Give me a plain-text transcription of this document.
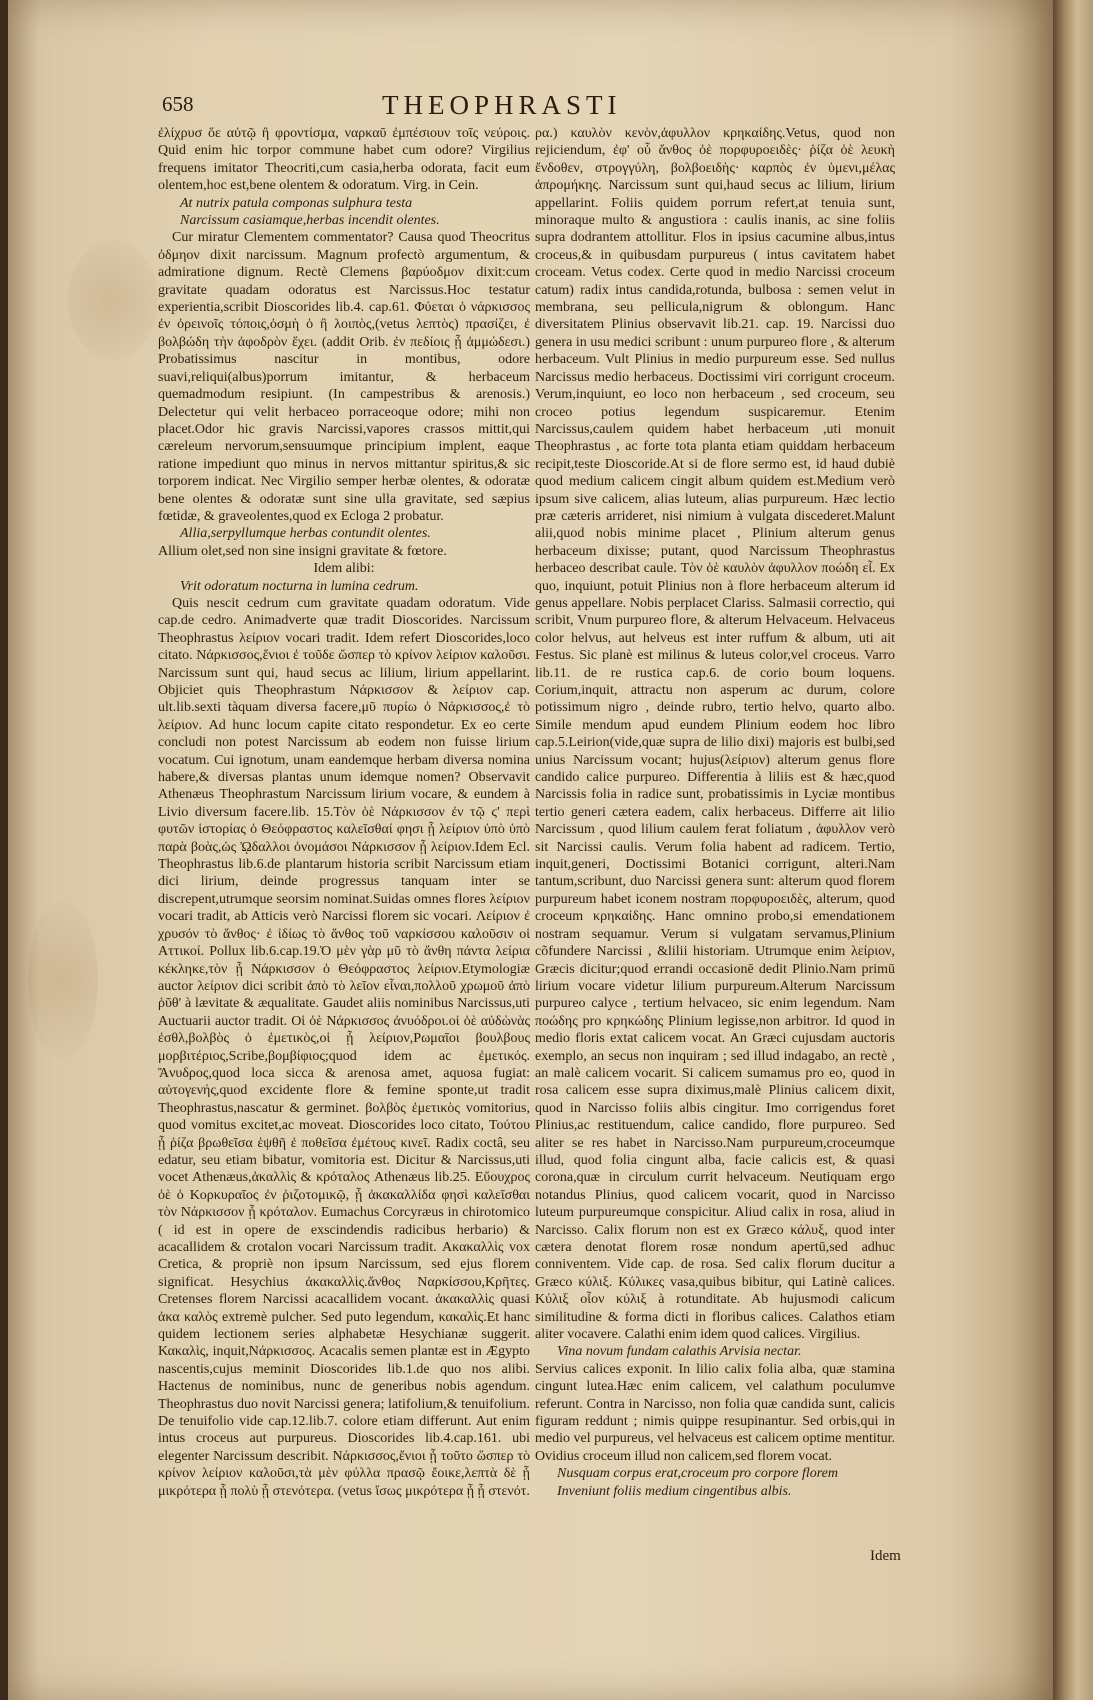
658	THEOPHRASTI

ἐλίχρυσ ὅε αὐτῷ ἢ φροντίσμα, ναρκαῦ ἐμπέσιουν τοῖς νεύροις. Quid enim hic torpor commune habet cum odore? Virgilius frequens imitator Theocriti,cum casia,herba odorata, facit eum olentem,hoc est,bene olentem & odoratum. Virg. in Cein.

At nutrix patula componas sulphura testa

Narcissum casiamque,herbas incendit olentes.

Cur miratur Clementem commentator? Causa quod Theocritus ὀδμηον dixit narcissum. Magnum profectò argumentum, & admiratione dignum. Rectè Clemens βαρύοδμον dixit:cum gravitate quadam odoratus est Narcissus.Hoc testatur experientia,scribit Dioscorides lib.4. cap.61. Φύεται ὁ νάρκισσος ἐν ὀρεινοῖς τόποις,ὀσμὴ ὁ ἢ λοιπὸς,(vetus λεπτὸς) πρασίζει, ἐ βολβώδη τὴν ἀφοδρὸν ἔχει. (addit Orib. ἐν πεδίοις ᾗ ἀμμώδεσι.) Probatissimus nascitur in montibus, odore suavi,reliqui(albus)porrum imitantur, & herbaceum quemadmodum resipiunt. (In campestribus & arenosis.) Delectetur qui velit herbaceo porraceoque odore; mihi non placet.Odor hic gravis Narcissi,vapores crassos mittit,qui cæreleum nervorum,sensuumque principium implent, eaque ratione impediunt quo minus in nervos mittantur spiritus,& sic torporem indicat. Nec Virgilio semper herbæ olentes, & odoratæ bene olentes & odoratæ sunt sine ulla gravitate, sed sæpius fœtidæ, & graveolentes,quod ex Ecloga 2 probatur.

Allia,serpyllumque herbas contundit olentes.

Allium olet,sed non sine insigni gravitate & fœtore.

Idem alibi:

Vrit odoratum nocturna in lumina cedrum.

Quis nescit cedrum cum gravitate quadam odoratum. Vide cap.de cedro. Animadverte quæ tradit Dioscorides. Narcissum Theophrastus λείριον vocari tradit. Idem refert Dioscorides,loco citato. Νάρκισσος,ἔνιοι ἐ τοῦδε ὥσπερ τὸ κρίνον λείριον καλοῦσι. Narcissum sunt qui, haud secus ac lilium, lirium appellarint. Objiciet quis Theophrastum Νάρκισσον & λείριον cap. ult.lib.sexti tàquam diversa facere,μῦ πυρίω ὁ Νάρκισσος,ἐ τὸ λείριον. Ad hunc locum capite citato respondetur. Ex eo certe concludi non potest Narcissum ab eodem non fuisse lirium vocatum. Cui ignotum, unam eandemque herbam diversa nomina habere,& diversas plantas unum idemque nomen? Observavit Athenæus Theophrastum Narcissum lirium vocare, & eundem à Livio diversum facere.lib. 15.Τὸν ὁὲ Νάρκισσον ἐν τῷ ϛ' περὶ φυτῶν ἱστορίας ὁ Θεόφραστος καλεῖσθαί φησι ᾗ λείριον ὑπὸ ὑπὸ παρὰ βοὰς,ὡς ᾨδαλλοι ὀνομάσοι Νάρκισσον ᾗ λείριον.Idem Ecl. Theophrastus lib.6.de plantarum historia scribit Narcissum etiam dici lirium, deinde progressus tanquam inter se discrepent,utrumque seorsim nominat.Suidas omnes flores λείριον vocari tradit, ab Atticis verò Narcissi florem sic vocari. Λείριον ἐ χρυσόν τὸ ἄνθος· ἐ ἰδίως τὸ ἄνθος τοῦ ναρκίσσου καλοῦσιν οἱ Αττικοί. Pollux lib.6.cap.19.Ὁ μὲν γὰρ μῦ τὸ ἄνθη πάντα λείρια κέκληκε,τὸν ᾗ Νάρκισσον ὁ Θεόφραστος λείριον.Etymologiæ auctor λείριον dici scribit ἀπὸ τὸ λεῖον εἶναι,πολλοῦ χρωμοῦ ἀπὸ ῥῦθ' à lævitate & æqualitate. Gaudet aliis nominibus Narcissus,uti Auctuarii auctor tradit. Οἱ ὁὲ Νάρκισσος ἀνυόδροι.οἱ ὁὲ αὐδὼνὰς ἐσθλ,βολβὸς ὁ ἐμετικὸς,οἱ ᾗ λείριον,Ρωμαῖοι βουλβους μορβιτέριος,Scribe,βομβίφιος;quod idem ac ἐμετικός. Ἄνυδρος,quod loca sicca & arenosa amet, aquosa fugiat: αὐτογενής,quod excidente flore & femine sponte,ut tradit Theophrastus,nascatur & germinet. βολβὸς ἐμετικὸς vomitorius, quod vomitus excitet,ac moveat. Dioscorides loco citato, Τούτου ᾗ ῥίζα βρωθεῖσα ἑψθῆ ἐ ποθεῖσα ἐμέτους κινεῖ. Radix coctâ, seu edatur, seu etiam bibatur, vomitoria est. Dicitur & Narcissus,uti vocet Athenæus,ἀκαλλὶς & κρόταλος Athenæus lib.25. Εὔουχρος ὁὲ ὁ Κορκυραῖος ἐν ῥιζοτομικῷ, ᾗ ἀκακαλλίδα φησὶ καλεῖσθαι τὸν Νάρκισσον ᾗ κρόταλον. Eumachus Corcyræus in chirotomico ( id est in opere de exscindendis radicibus herbario) & acacallidem & crotalon vocari Narcissum tradit. Ακακαλλὶς vox Cretica, & propriè non ipsum Narcissum, sed ejus florem significat. Hesychius ἀκακαλλὶς.ἄνθος Ναρκίσσου,Κρῆτες. Cretenses florem Narcissi acacallidem vocant. ἀκακαλλὶς quasi ἀκα καλὸς extremè pulcher. Sed puto legendum, κακαλὶς.Et hanc quidem lectionem series alphabetæ Hesychianæ suggerit. Κακαλὶς, inquit,Νάρκισσος. Acacalis semen plantæ est in Ægypto nascentis,cujus meminit Dioscorides lib.1.de quo nos alibi. Hactenus de nominibus, nunc de generibus nobis agendum. Theophrastus duo novit Narcissi genera; latifolium,& tenuifolium. De tenuifolio vide cap.12.lib.7. colore etiam differunt. Aut enim intus croceus aut purpureus. Dioscorides lib.4.cap.161. ubi elegenter Narcissum describit. Νάρκισσος,ἔνιοι ᾗ τοῦτο ὥσπερ τὸ κρίνον λείριον καλοῦσι,τὰ μὲν φύλλα πρασῷ ἔοικε,λεπτὰ δὲ ᾗ μικρότερα ᾗ πολὺ ᾗ στενότερα. (vetus ἴσως μικρότερα ᾗ ᾗ στενότ.

ρα.) καυλὸν κενὸν,ἀφυλλον κρηκαίδης.Vetus, quod non rejiciendum, ἐφ' οὗ ἄνθος ὁὲ πορφυροειδὲς· ῥίζα ὁὲ λευκὴ ἔνδοθεν, στρογγύλη, βολβοειδὴς· καρπὸς ἐν ὑμενι,μέλας ἀπρομήκης. Narcissum sunt qui,haud secus ac lilium, lirium appellarint. Foliis quidem porrum refert,at tenuia sunt, minoraque multo & angustiora : caulis inanis, ac sine foliis supra dodrantem attollitur. Flos in ipsius cacumine albus,intus croceus,& in quibusdam purpureus ( intus cavitatem habet croceam. Vetus codex. Certe quod in medio Narcissi croceum catum) radix intus candida,rotunda, bulbosa : semen velut in membrana, seu pellicula,nigrum & oblongum. Hanc diversitatem Plinius observavit lib.21. cap. 19. Narcissi duo genera in usu medici scribunt : unum purpureo flore , & alterum herbaceum. Vult Plinius in medio purpureum esse. Sed nullus Narcissus medio herbaceus. Doctissimi viri corrigunt croceum. Verum,inquiunt, eo loco non herbaceum , sed croceum, seu croceo potius legendum suspicaremur. Etenim Narcissus,caulem quidem habet herbaceum ,uti monuit Theophrastus , ac forte tota planta etiam quiddam herbaceum recipit,teste Dioscoride.At si de flore sermo est, id haud dubiè quod medium calicem cingit album quidem est.Medium verò ipsum sive calicem, alias luteum, alias purpureum. Hæc lectio præ cæteris arrideret, nisi nimium à vulgata discederet.Malunt alii,quod nobis minime placet , Plinium alterum genus herbaceum dixisse; putant, quod Narcissum Theophrastus herbaceo describat caule. Τὸν ὁὲ καυλὸν ἀφυλλον ποώδη εἶ. Ex quo, inquiunt, potuit Plinius non à flore herbaceum alterum id genus appellare. Nobis perplacet Clariss. Salmasii correctio, qui scribit, Vnum purpureo flore, & alterum Helvaceum. Helvaceus color helvus, aut helveus est inter ruffum & album, uti ait Festus. Sic planè est milinus & luteus color,vel croceus. Varro lib.11. de re rustica cap.6. de corio boum loquens. Corium,inquit, attractu non asperum ac durum, colore potissimum nigro , deinde rubro, tertio helvo, quarto albo. Simile mendum apud eundem Plinium eodem hoc libro cap.5.Leirion(vide,quæ supra de lilio dixi) majoris est bulbi,sed unius Narcissum vocant; hujus(λείριον) alterum genus flore candido calice purpureo. Differentia à liliis est & hæc,quod Narcissis folia in radice sunt, probatissimis in Lyciæ montibus tertio generi cætera eadem, calix herbaceus. Differre ait lilio Narcissum , quod lilium caulem ferat foliatum , ἀφυλλον verò sit Narcissi caulis. Verum folia habent ad radicem. Tertio, inquit,generi, Doctissimi Botanici corrigunt, alteri.Nam tantum,scribunt, duo Narcissi genera sunt: alterum quod florem purpureum habet iconem nostram πορφυροειδὲς, alterum, quod croceum κρηκαίδης. Hanc omnino probo,si emendationem nostram sequamur. Verum si vulgatam servamus,Plinium cõfundere Narcissi , &lilii historiam. Utrumque enim λείριον, Græcis dicitur;quod errandi occasionē dedit Plinio.Nam primū lirium vocare videtur lilium purpureum.Alterum Narcissum purpureo calyce , tertium helvaceo, sic enim legendum. Nam ποώδης pro κρηκώδης Plinium legisse,non arbitror. Id quod in medio floris extat calicem vocat. An Græci cujusdam auctoris exemplo, an secus non inquiram ; sed illud indagabo, an rectè , an malè calicem vocarit. Si calicem sumamus pro eo, quod in rosa calicem esse supra diximus,malè Plinius calicem dixit, quod in Narcisso foliis albis cingitur. Imo corrigendus foret Plinius,ac restituendum, calice candido, flore purpureo. Sed aliter se res habet in Narcisso.Nam purpureum,croceumque illud, quod folia cingunt alba, facie calicis est, & quasi corona,quæ in circulum currit helvaceum. Neutiquam ergo notandus Plinius, quod calicem vocarit, quod in Narcisso luteum purpureumque conspicitur. Aliud calix in rosa, aliud in Narcisso. Calix florum non est ex Græco κάλυξ, quod inter cætera denotat florem rosæ nondum apertū,sed adhuc conniventem. Vide cap. de rosa. Sed calix florum ducitur a Græco κύλιξ. Κύλικες vasa,quibus bibitur, qui Latinè calices. Κύλιξ οἷον κύλιξ à rotunditate. Ab hujusmodi calicum similitudine & forma dicti in floribus calices. Calathos etiam aliter vocavere. Calathi enim idem quod calices. Virgilius.

Vina novum fundam calathis Arvisia nectar.

Servius calices exponit. In lilio calix folia alba, quæ stamina cingunt lutea.Hæc enim calicem, vel calathum poculumve referunt. Contra in Narcisso, non folia quæ candida sunt, calicis figuram reddunt ; nimis quippe resupinantur. Sed orbis,qui in medio vel purpureus, vel helvaceus est calicem optime mentitur. Ovidius croceum illud non calicem,sed florem vocat.

Nusquam corpus erat,croceum pro corpore florem

Inveniunt foliis medium cingentibus albis.

Idem
